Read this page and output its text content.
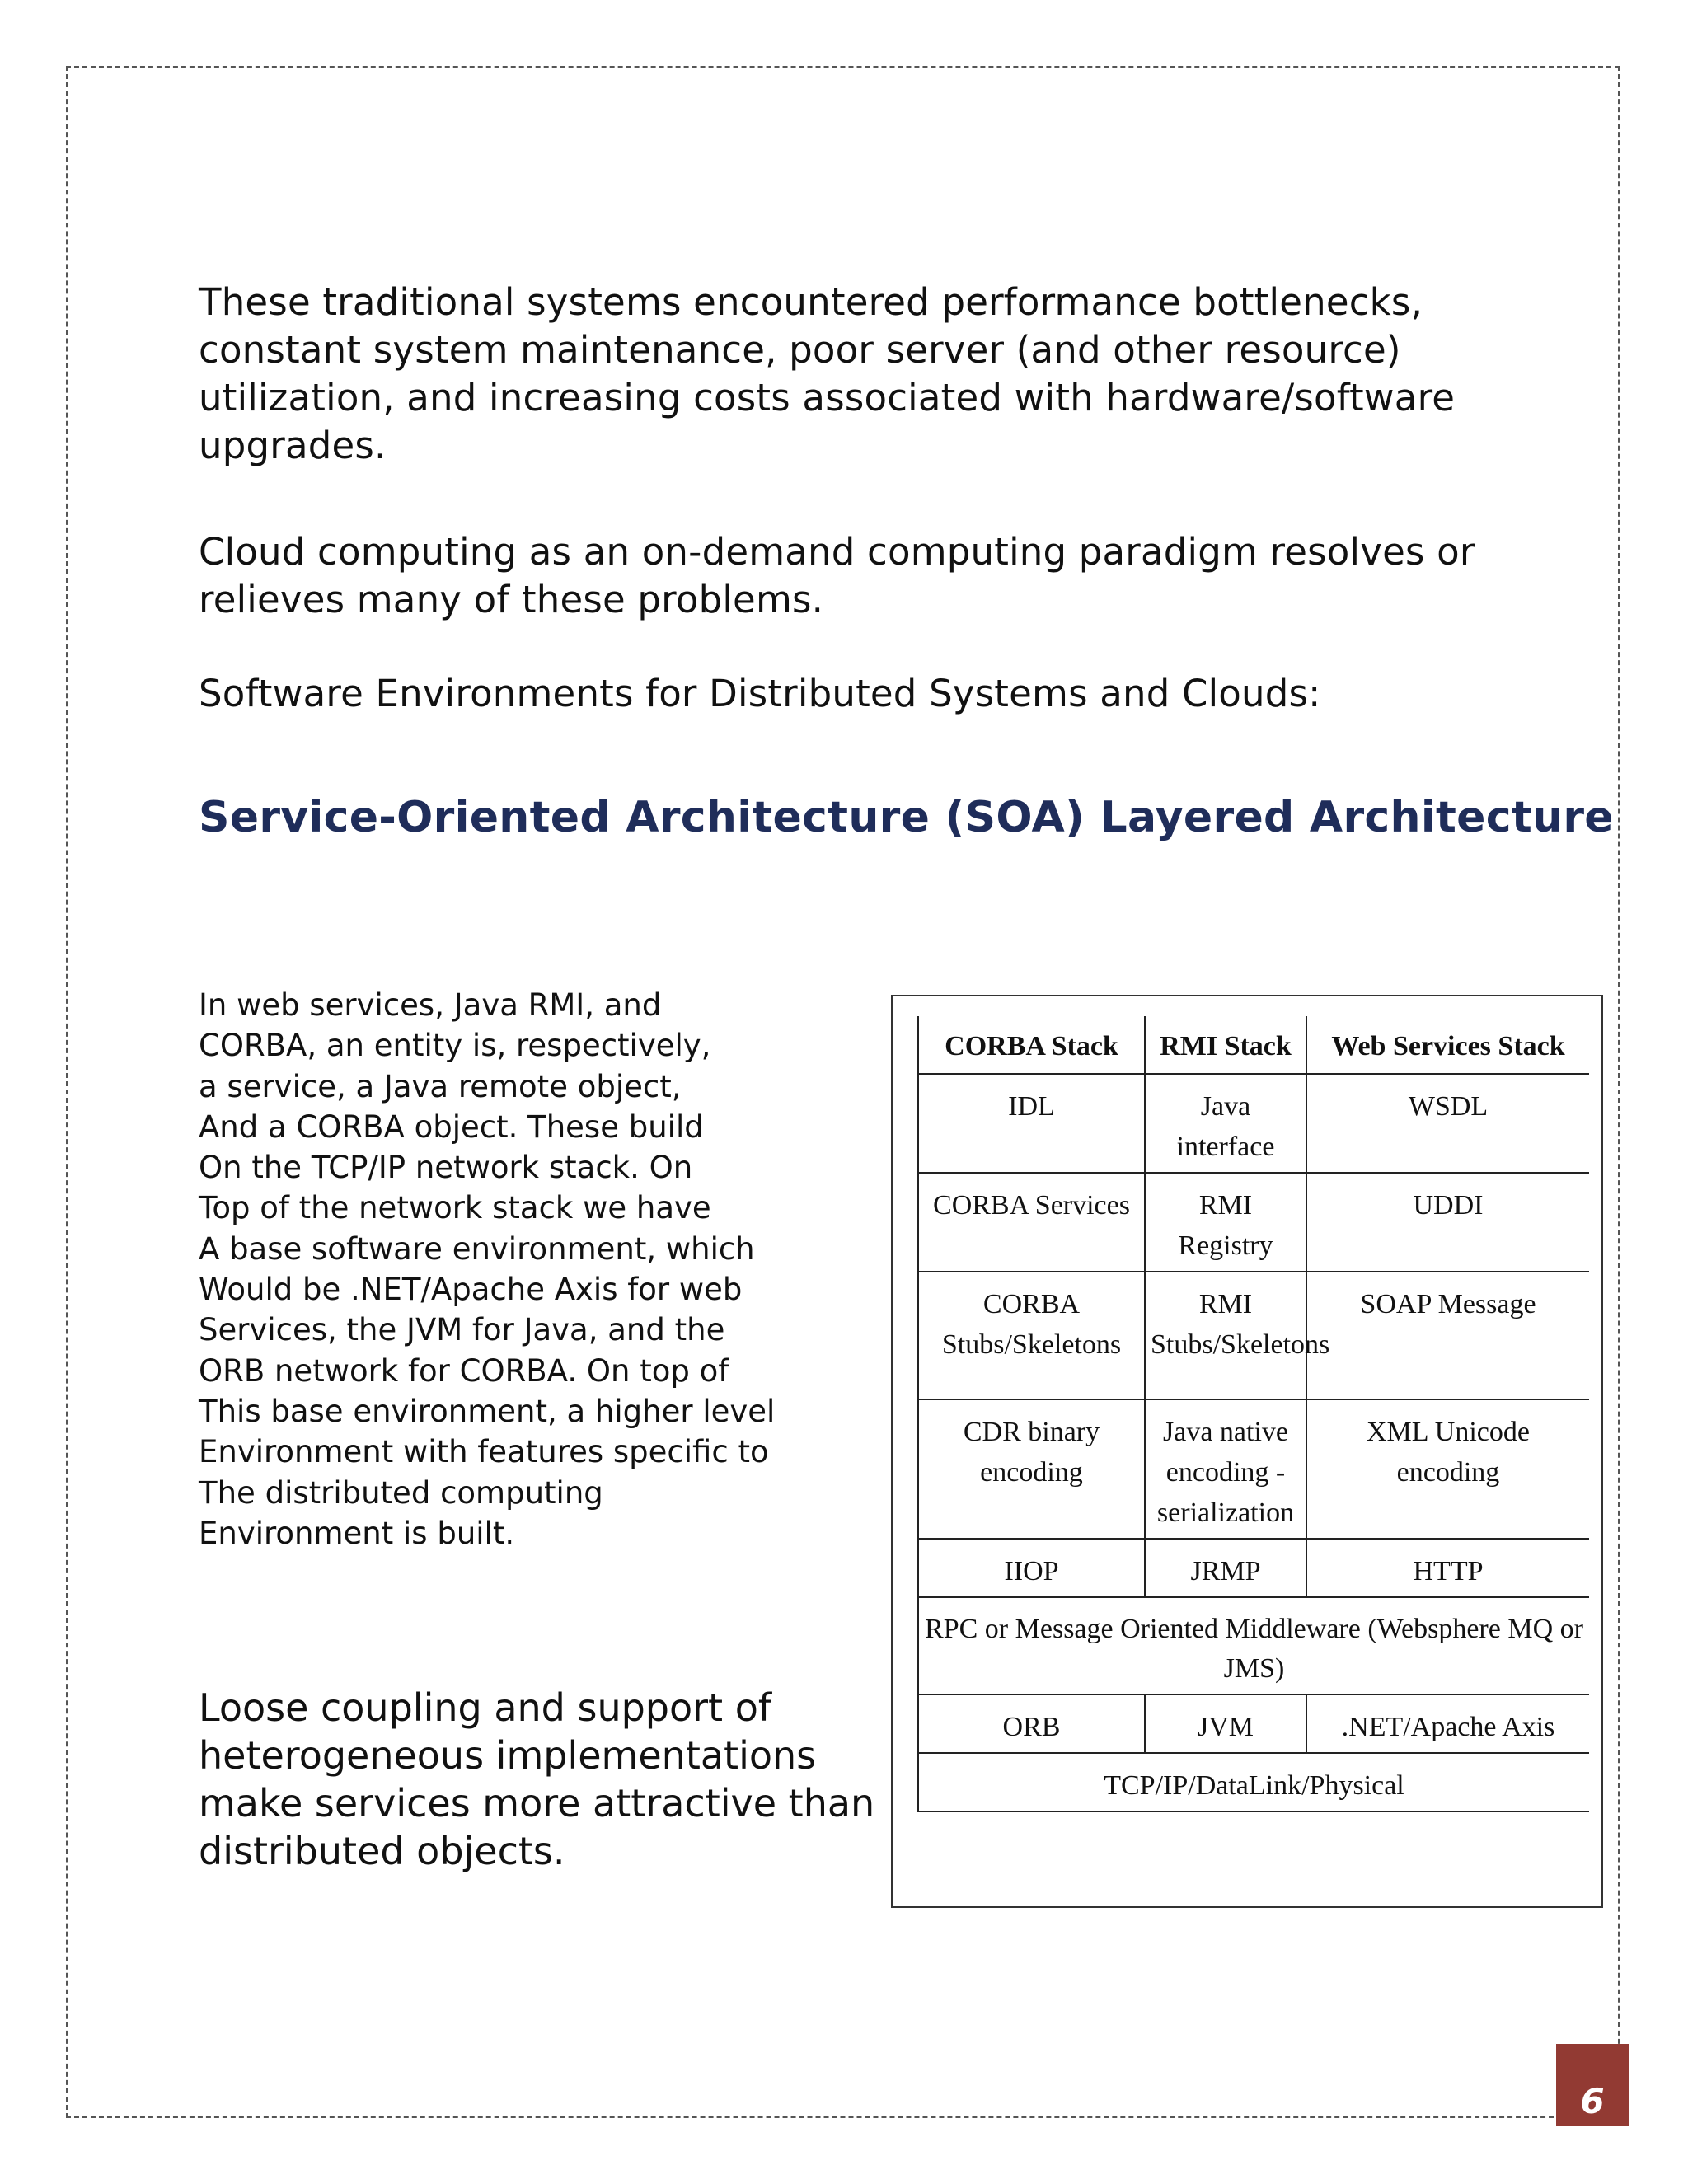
These traditional systems encountered performance bottlenecks, constant system maintenance, poor server (and other resource) utilization, and increasing costs associated with hardware/software upgrades.

Cloud computing as an on-demand computing paradigm resolves or relieves many of these problems.

Software Environments for Distributed Systems and Clouds:

Service-Oriented Architecture (SOA) Layered Architecture
In web services, Java RMI, and
CORBA, an entity is, respectively,
a service, a Java remote object,
And a CORBA object. These build
On the TCP/IP network stack. On
Top of the network stack we have
A base software environment, which
Would be .NET/Apache Axis for web
Services, the JVM for Java, and the
ORB network for CORBA. On top of
This base environment, a higher level
Environment with features specific to
The distributed computing
Environment is built.
Loose coupling and support of
heterogeneous implementations
make services more attractive than
distributed objects.
CORBA Stack	RMI Stack	Web Services Stack
IDL	Java interface	WSDL
CORBA Services	RMI Registry	UDDI
CORBA Stubs/Skeletons	RMI Stubs/Skeletons	SOAP Message
CDR binary encoding	Java native encoding - serialization	XML Unicode encoding
IIOP	JRMP	HTTP
RPC or Message Oriented Middleware (Websphere MQ or JMS)		
ORB	JVM	.NET/Apache Axis
TCP/IP/DataLink/Physical		
6
